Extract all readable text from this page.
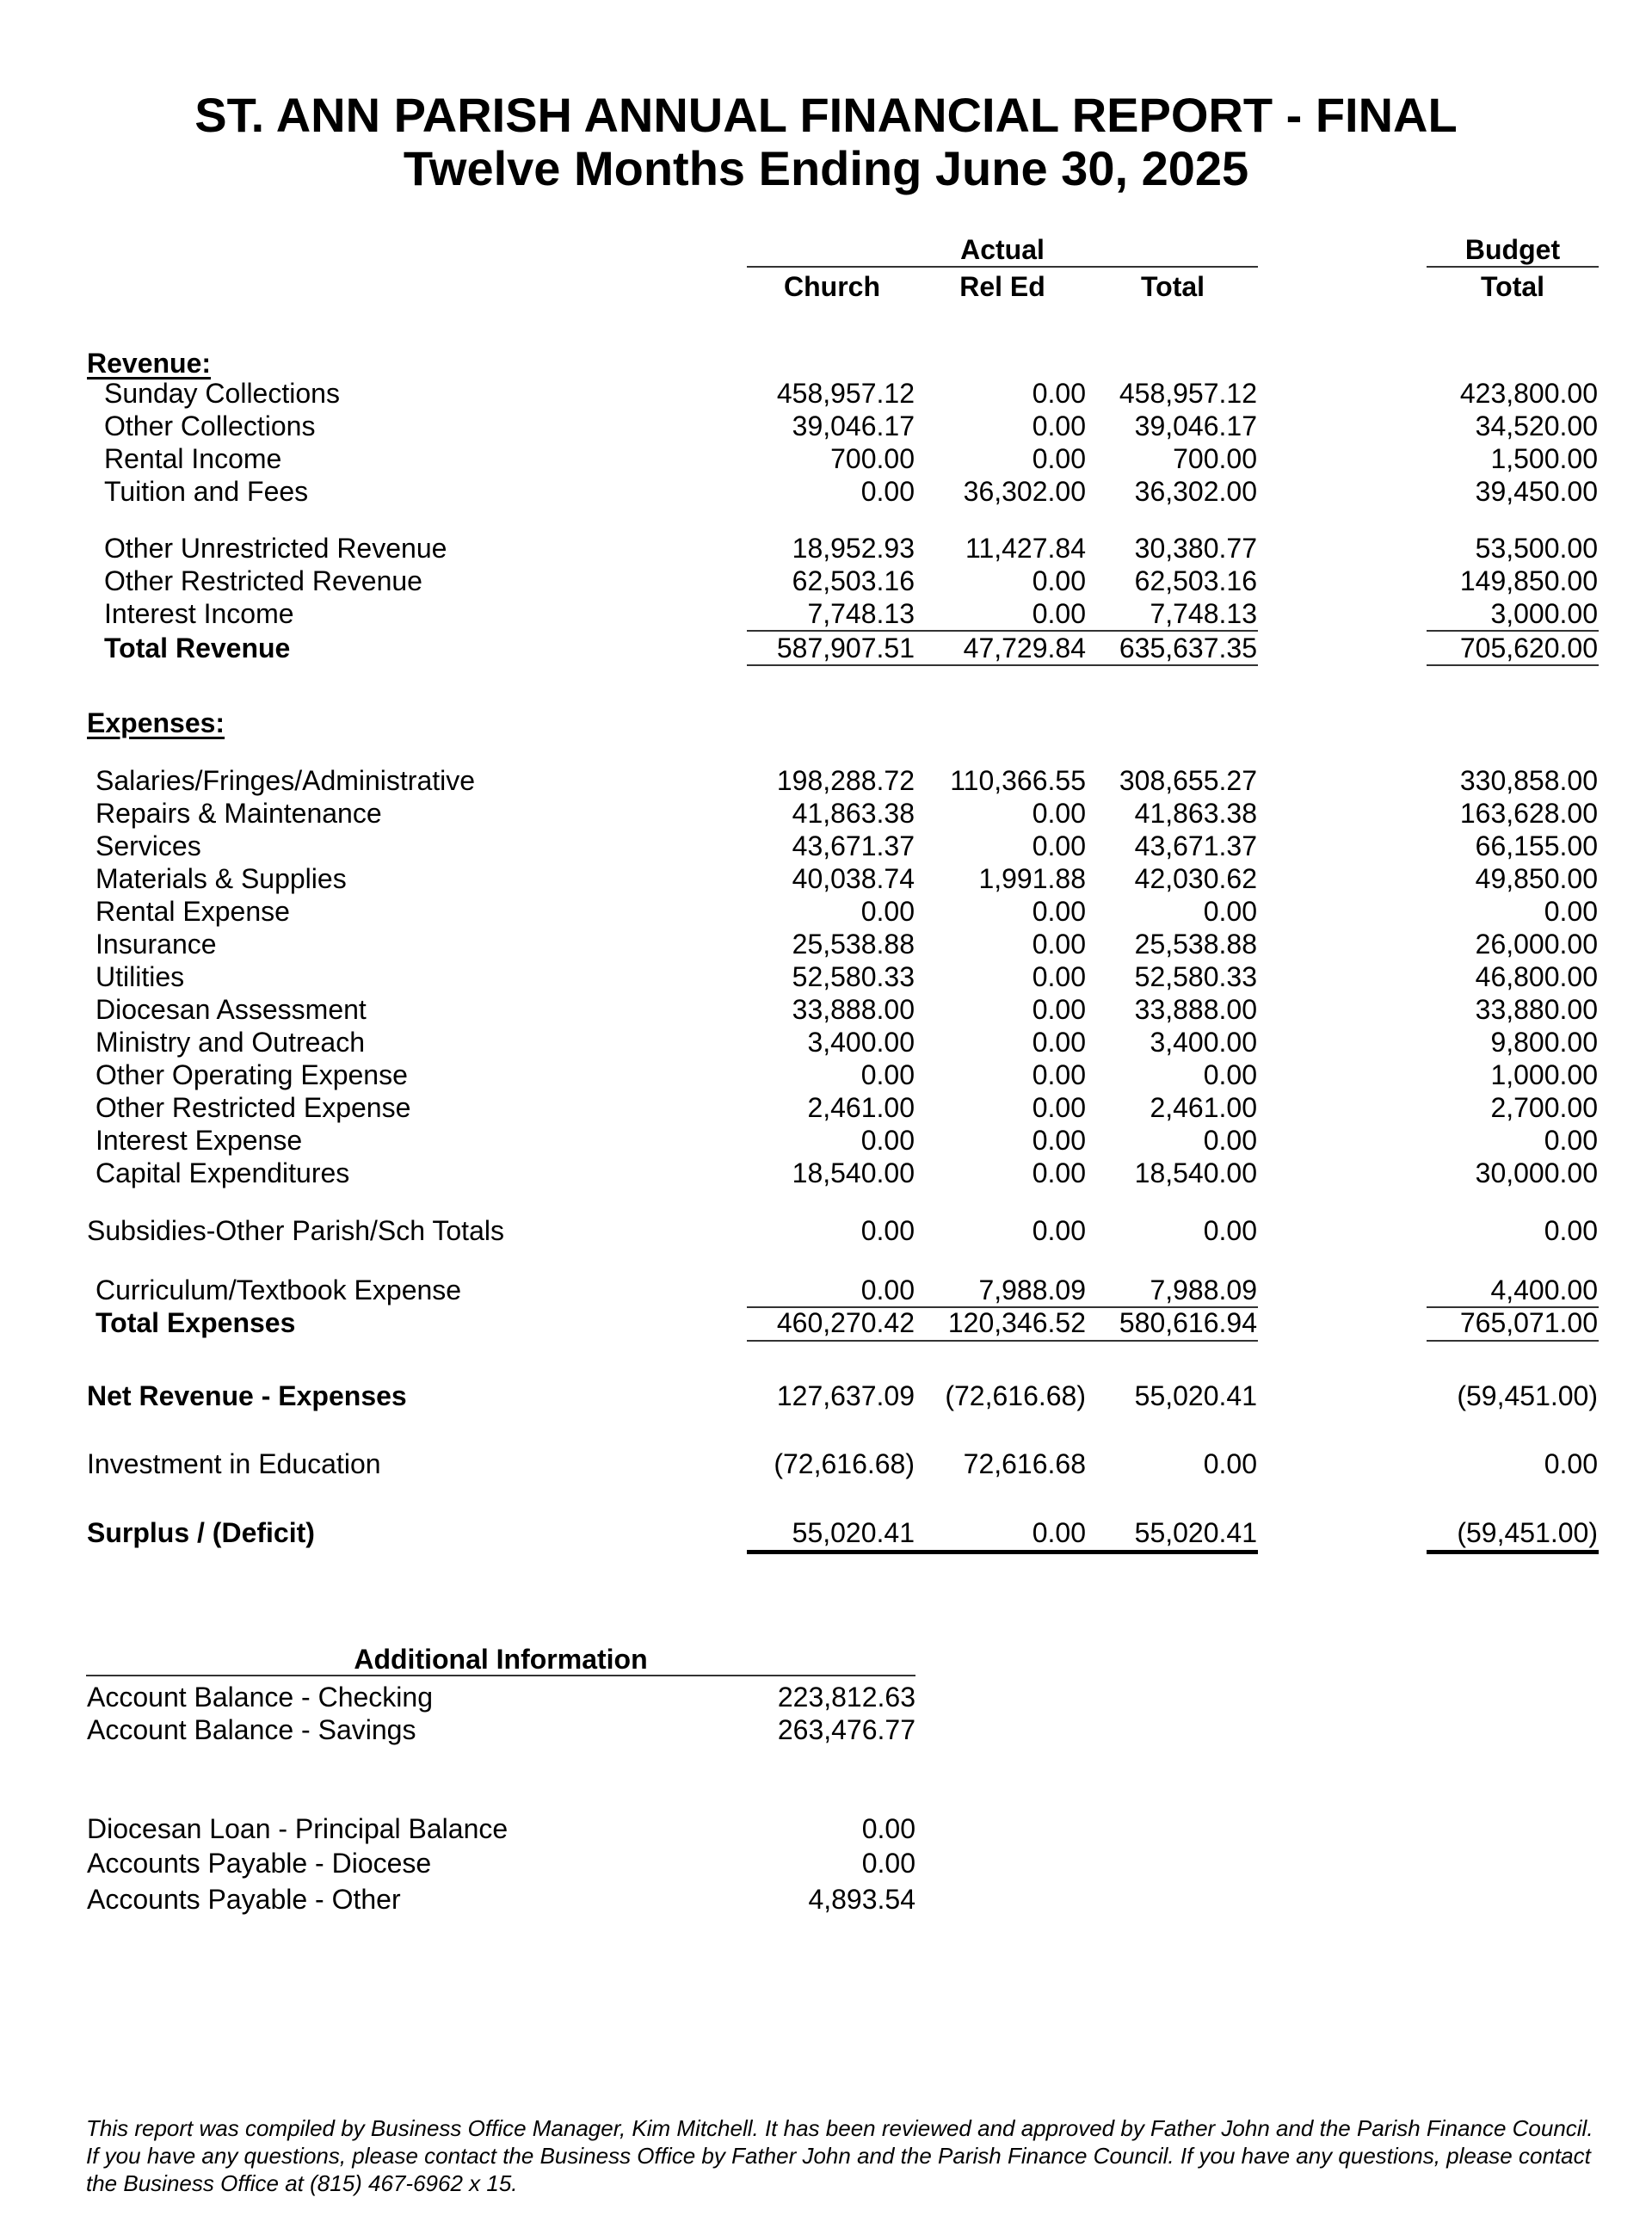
ST. ANN PARISH ANNUAL FINANCIAL REPORT - FINAL
Twelve Months Ending June 30, 2025
Actual	Budget
Church	Rel Ed	Total	Total
Revenue:
Sunday Collections	458,957.12	0.00	458,957.12	423,800.00
Other Collections	39,046.17	0.00	39,046.17	34,520.00
Rental Income	700.00	0.00	700.00	1,500.00
Tuition and Fees	0.00	36,302.00	36,302.00	39,450.00
Other Unrestricted Revenue	18,952.93	11,427.84	30,380.77	53,500.00
Other Restricted Revenue	62,503.16	0.00	62,503.16	149,850.00
Interest Income	7,748.13	0.00	7,748.13	3,000.00
Total Revenue	587,907.51	47,729.84	635,637.35	705,620.00
Expenses:
Salaries/Fringes/Administrative	198,288.72	110,366.55	308,655.27	330,858.00
Repairs & Maintenance	41,863.38	0.00	41,863.38	163,628.00
Services	43,671.37	0.00	43,671.37	66,155.00
Materials & Supplies	40,038.74	1,991.88	42,030.62	49,850.00
Rental Expense	0.00	0.00	0.00	0.00
Insurance	25,538.88	0.00	25,538.88	26,000.00
Utilities	52,580.33	0.00	52,580.33	46,800.00
Diocesan Assessment	33,888.00	0.00	33,888.00	33,880.00
Ministry and Outreach	3,400.00	0.00	3,400.00	9,800.00
Other Operating Expense	0.00	0.00	0.00	1,000.00
Other Restricted Expense	2,461.00	0.00	2,461.00	2,700.00
Interest Expense	0.00	0.00	0.00	0.00
Capital Expenditures	18,540.00	0.00	18,540.00	30,000.00
Subsidies-Other Parish/Sch Totals	0.00	0.00	0.00	0.00
Curriculum/Textbook Expense	0.00	7,988.09	7,988.09	4,400.00
Total Expenses	460,270.42	120,346.52	580,616.94	765,071.00
Net Revenue - Expenses	127,637.09	(72,616.68)	55,020.41	(59,451.00)
Investment in Education	(72,616.68)	72,616.68	0.00	0.00
Surplus / (Deficit)	55,020.41	0.00	55,020.41	(59,451.00)
Additional Information
Account Balance - Checking	223,812.63
Account Balance - Savings	263,476.77
Diocesan Loan - Principal Balance	0.00
Accounts Payable - Diocese	0.00
Accounts Payable - Other	4,893.54
This report was compiled by Business Office Manager, Kim Mitchell. It has been reviewed and approved by Father John and the Parish Finance Council. If you have any questions, please contact the Business Office by Father John and the Parish Finance Council. If you have any questions, please contact the Business Office at (815) 467-6962 x 15.
